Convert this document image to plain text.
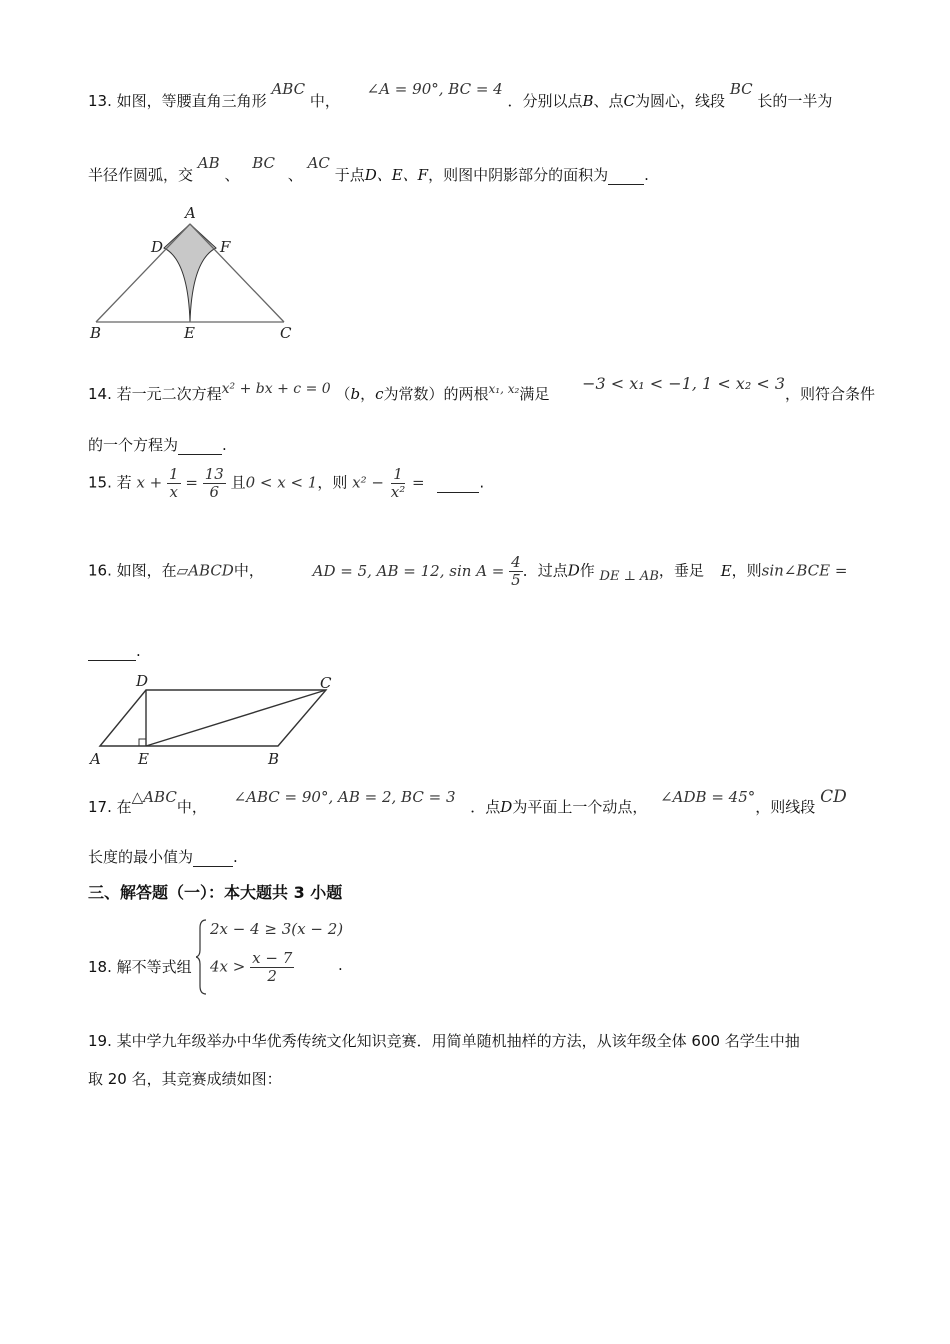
13. 如图，等腰直角三角形 ABC 中， ∠A = 90°, BC = 4 ．分别以点B、点C为圆心，线段 BC 长的一半为
半径作圆弧，交 AB 、 BC 、 AC 于点D、E、F，则图中阴影部分的面积为 .
A
D	F
B	E	C
14. 若一元二次方程x² + bx + c = 0 （b，c为常数）的两根$^{x_1, x_2}$满足 −3 < x₁ < −1, 1 < x₂ < 3，则符合条件
的一个方程为	.
15. 若 $x + \frac{1}{x} = \frac{13}{6}$ 且0 < x < 1，则 $x^2 - \frac{1}{\text{x²}}$ =	.
16. 如图，在▱ABCD中，	AD = 5, AB = 12, $\sin A = \frac{4}{5}$ ．过点D作 DE ⊥ AB，垂足 E，则sin∠BCE =
.
D	C
A E	B
17. 在△ABC中， ∠ABC = 90°, AB = 2, BC = 3 ．点D为平面上一个动点， ∠ADB = 45°，则线段 CD
长度的最小值为	.
三、解答题（一）：本大题共 3 小题
18. 解不等式组
2x − 4 ≥ 3(x − 2)
$4x > \frac{x - 7}{2}$	.
19. 某中学九年级举办中华优秀传统文化知识竞赛．用简单随机抽样的方法，从该年级全体 600 名学生中抽
取 20 名，其竞赛成绩如图：
